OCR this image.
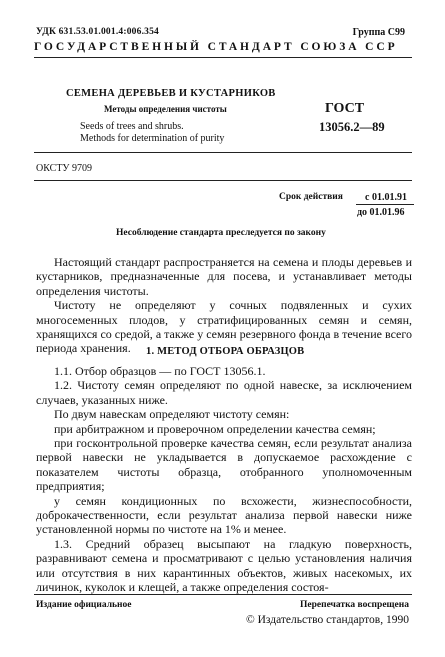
УДК 631.53.01.001.4:006.354	Группа С99
ГОСУДАРСТВЕННЫЙ СТАНДАРТ СОЮЗА ССР
СЕМЕНА ДЕРЕВЬЕВ И КУСТАРНИКОВ
Методы определения чистоты
Seeds of trees and shrubs.
Methods for determination of purity
ГОСТ
13056.2—89
ОКСТУ 9709
Срок действия с 01.01.91
до 01.01.96
Несоблюдение стандарта преследуется по закону

Настоящий стандарт распространяется на семена и плоды деревьев и кустарников, предназначенные для посева, и устанавливает методы определения чистоты.

Чистоту не определяют у сочных подвяленных и сухих многосеменных плодов, у стратифицированных семян и семян, хранящихся со средой, а также у семян резервного фонда в течение всего периода хранения.	1. МЕТОД ОТБОРА ОБРАЗЦОВ

1.1. Отбор образцов — по ГОСТ 13056.1.

1.2. Чистоту семян определяют по одной навеске, за исключением случаев, указанных ниже.

По двум навескам определяют чистоту семян:

при арбитражном и проверочном определении качества семян;

при госконтрольной проверке качества семян, если результат анализа первой навески не укладывается в допускаемое расхождение с показателем чистоты образца, отобранного уполномоченным предприятия;

у семян кондиционных по всхожести, жизнеспособности, доброкачественности, если результат анализа первой навески ниже установленной нормы по чистоте на 1% и менее.

1.3. Средний образец высыпают на гладкую поверхность, разравнивают семена и просматривают с целью установления наличия или отсутствия в них карантинных объектов, живых насекомых, их личинок, куколок и клещей, а также определения состоя-

Издание официальное	Перепечатка воспрещена
© Издательство стандартов, 1990
